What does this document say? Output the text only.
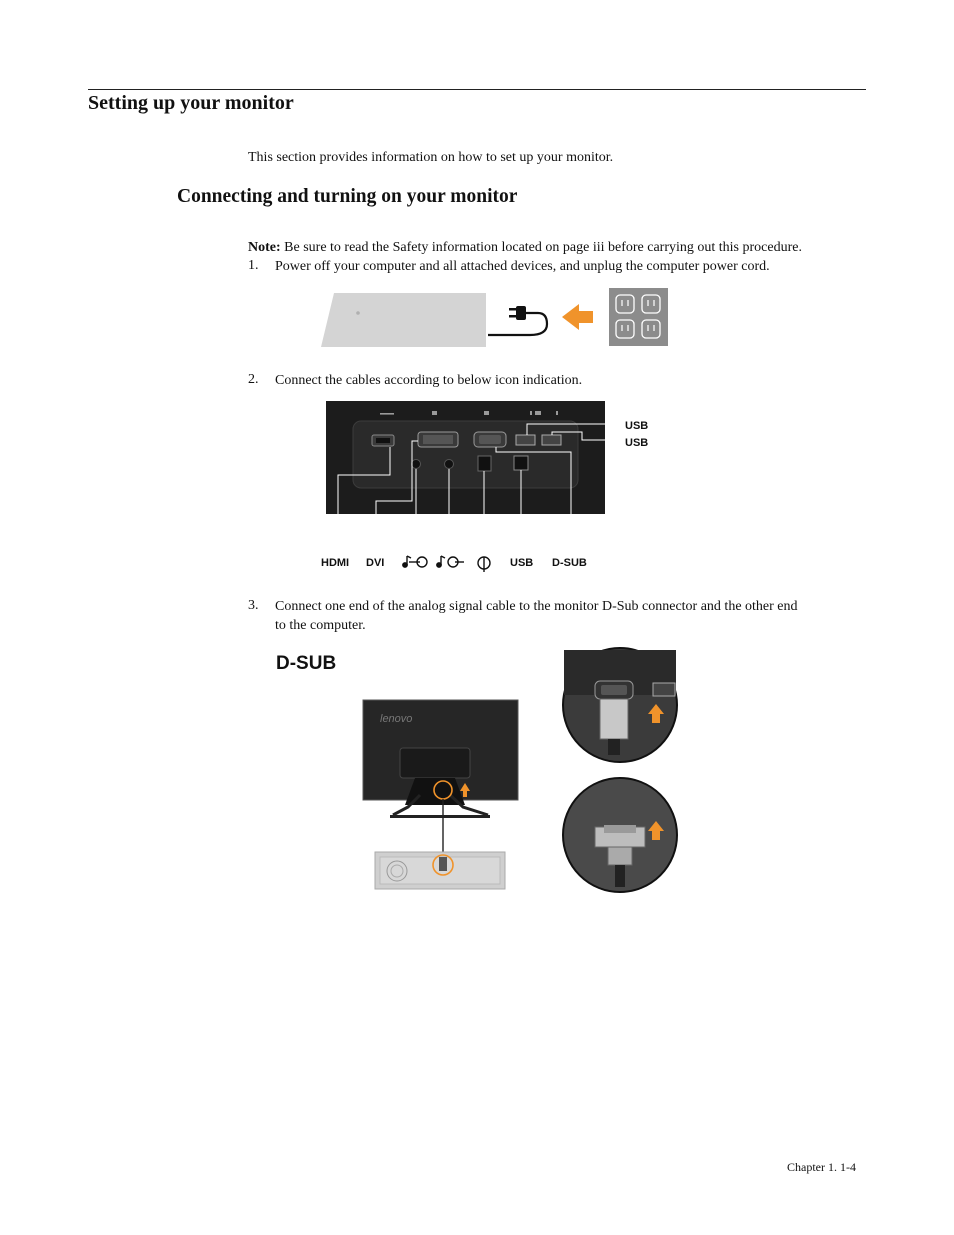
Setting up your monitor
This section provides information on how to set up your monitor.
Connecting and turning on your monitor
Note: Be sure to read the Safety information located on page iii before carrying out this procedure.
1. Power off your computer and all attached devices, and unplug the computer power cord.
2. Connect the cables according to below icon indication.
USB
USB
HDMI DVI	USB D-SUB
3. Connect one end of the analog signal cable to the monitor D-Sub connector and the other end
to the computer.
D-SUB
lenovo
Chapter 1. 1-4
